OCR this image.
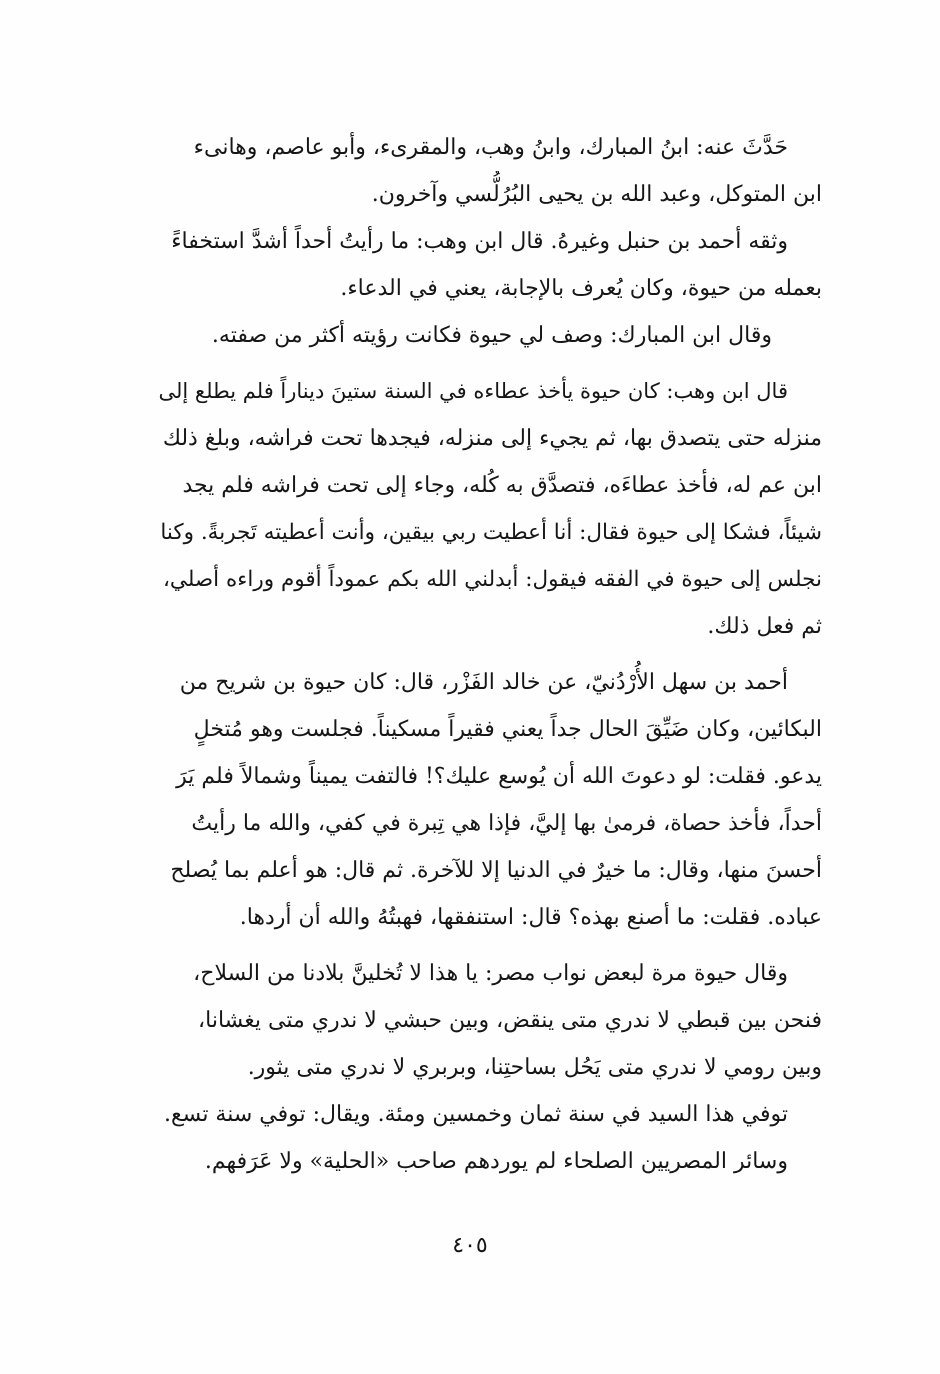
حَدَّثَ عنه: ابنُ المبارك، وابنُ وهب، والمقرىء، وأبو عاصم، وهانىء
ابن المتوكل، وعبد الله بن يحيى البُرُلُّسي وآخرون.
وثقه أحمد بن حنبل وغيرهُ. قال ابن وهب: ما رأيتُ أحداً أشدَّ استخفاءً
بعمله من حيوة، وكان يُعرف بالإجابة، يعني في الدعاء.
وقال ابن المبارك: وصف لي حيوة فكانت رؤيته أكثر من صفته.
قال ابن وهب: كان حيوة يأخذ عطاءه في السنة ستينَ ديناراً فلم يطلع إلى
منزله حتى يتصدق بها، ثم يجيء إلى منزله، فيجدها تحت فراشه، وبلغ ذلك
ابن عم له، فأخذ عطاءَه، فتصدَّق به كُله، وجاء إلى تحت فراشه فلم يجد
شيئاً، فشكا إلى حيوة فقال: أنا أعطيت ربي بيقين، وأنت أعطيته تَجربةً. وكنا
نجلس إلى حيوة في الفقه فيقول: أبدلني الله بكم عموداً أقوم وراءه أصلي،
ثم فعل ذلك.
أحمد بن سهل الأُرْدُنيّ، عن خالد الفَزْر، قال: كان حيوة بن شريح من
البكائين، وكان ضَيِّقَ الحال جداً يعني فقيراً مسكيناً. فجلست وهو مُتخلٍ
يدعو. فقلت: لو دعوتَ الله أن يُوسع عليك؟! فالتفت يميناً وشمالاً فلم يَرَ
أحداً، فأخذ حصاة، فرمىٰ بها إليَّ، فإذا هي تِبرة في كفي، والله ما رأيتُ
أحسنَ منها، وقال: ما خيرٌ في الدنيا إلا للآخرة. ثم قال: هو أعلم بما يُصلح
عباده. فقلت: ما أصنع بهذه؟ قال: استنفقها، فهبتُهُ والله أن أردها.
وقال حيوة مرة لبعض نواب مصر: يا هذا لا تُخلينَّ بلادنا من السلاح،
فنحن بين قبطي لا ندري متى ينقض، وبين حبشي لا ندري متى يغشانا،
وبين رومي لا ندري متى يَحُل بساحتِنا، وبربري لا ندري متى يثور.
توفي هذا السيد في سنة ثمان وخمسين ومئة. ويقال: توفي سنة تسع.
وسائر المصريين الصلحاء لم يوردهم صاحب «الحلية» ولا عَرَفهم.
٤٠٥
